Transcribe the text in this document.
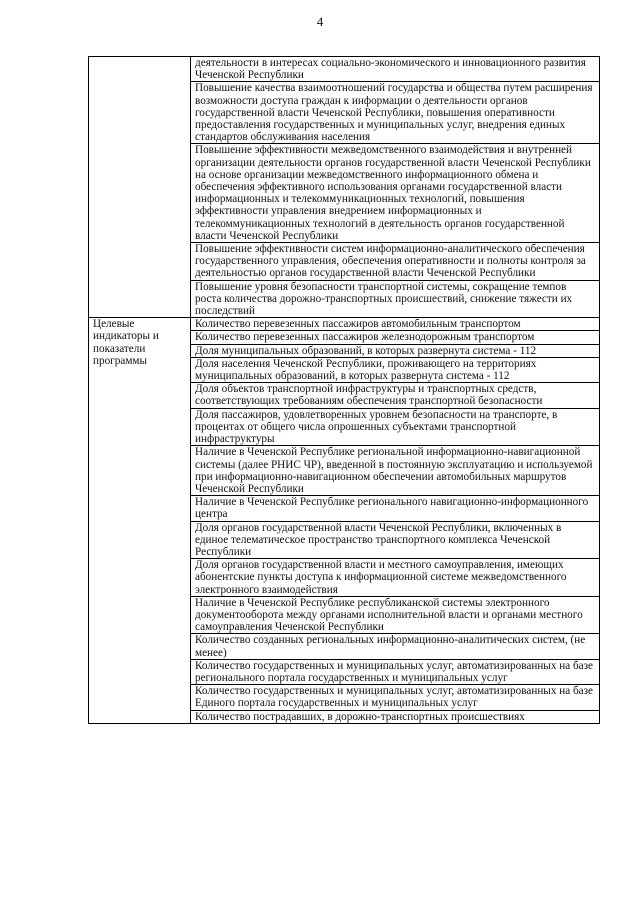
4
	деятельности в интересах социально-экономического и инновационного развития Чеченской Республики
	Повышение качества взаимоотношений государства и общества путем расширения возможности доступа граждан к информации о деятельности органов государственной власти Чеченской Республики, повышения оперативности предоставления государственных и муниципальных услуг, внедрения единых стандартов обслуживания населения
	Повышение эффективности межведомственного взаимодействия и внутренней организации деятельности органов государственной власти Чеченской Республики на основе организации межведомственного информационного обмена и обеспечения эффективного использования органами государственной власти информационных и телекоммуникационных технологий, повышения эффективности управления внедрением информационных и телекоммуникационных технологий в деятельность органов государственной власти Чеченской Республики
	Повышение эффективности систем информационно-аналитического обеспечения государственного управления, обеспечения оперативности и полноты контроля за деятельностью органов государственной власти Чеченской Республики
	Повышение уровня безопасности транспортной системы, сокращение темпов роста количества дорожно-транспортных происшествий, снижение тяжести их последствий
Целевые индикаторы и показатели программы	Количество перевезенных пассажиров автомобильным транспортом
	Количество перевезенных пассажиров железнодорожным транспортом
	Доля муниципальных образований, в которых развернута система - 112
	Доля населения Чеченской Республики, проживающего на территориях муниципальных образований, в которых развернута система - 112
	Доля объектов транспортной инфраструктуры и транспортных средств, соответствующих требованиям обеспечения транспортной безопасности
	Доля пассажиров, удовлетворенных уровнем безопасности на транспорте, в процентах от общего числа опрошенных субъектами транспортной инфраструктуры
	Наличие в Чеченской Республике региональной информационно-навигационной системы (далее РНИС ЧР), введенной в постоянную эксплуатацию и используемой при информационно-навигационном обеспечении автомобильных маршрутов Чеченской Республики
	Наличие в Чеченской Республике регионального навигационно-информационного центра
	Доля органов государственной власти Чеченской Республики, включенных в единое телематическое пространство транспортного комплекса Чеченской Республики
	Доля органов государственной власти и местного самоуправления, имеющих абонентские пункты доступа к информационной системе межведомственного электронного взаимодействия
	Наличие в Чеченской Республике республиканской системы электронного документооборота между органами исполнительной власти и органами местного самоуправления Чеченской Республики
	Количество созданных региональных информационно-аналитических систем, (не менее)
	Количество государственных и муниципальных услуг, автоматизированных на базе регионального портала государственных и муниципальных услуг
	Количество государственных и муниципальных услуг, автоматизированных на базе Единого портала государственных и муниципальных услуг
	Количество пострадавших, в дорожно-транспортных происшествиях
